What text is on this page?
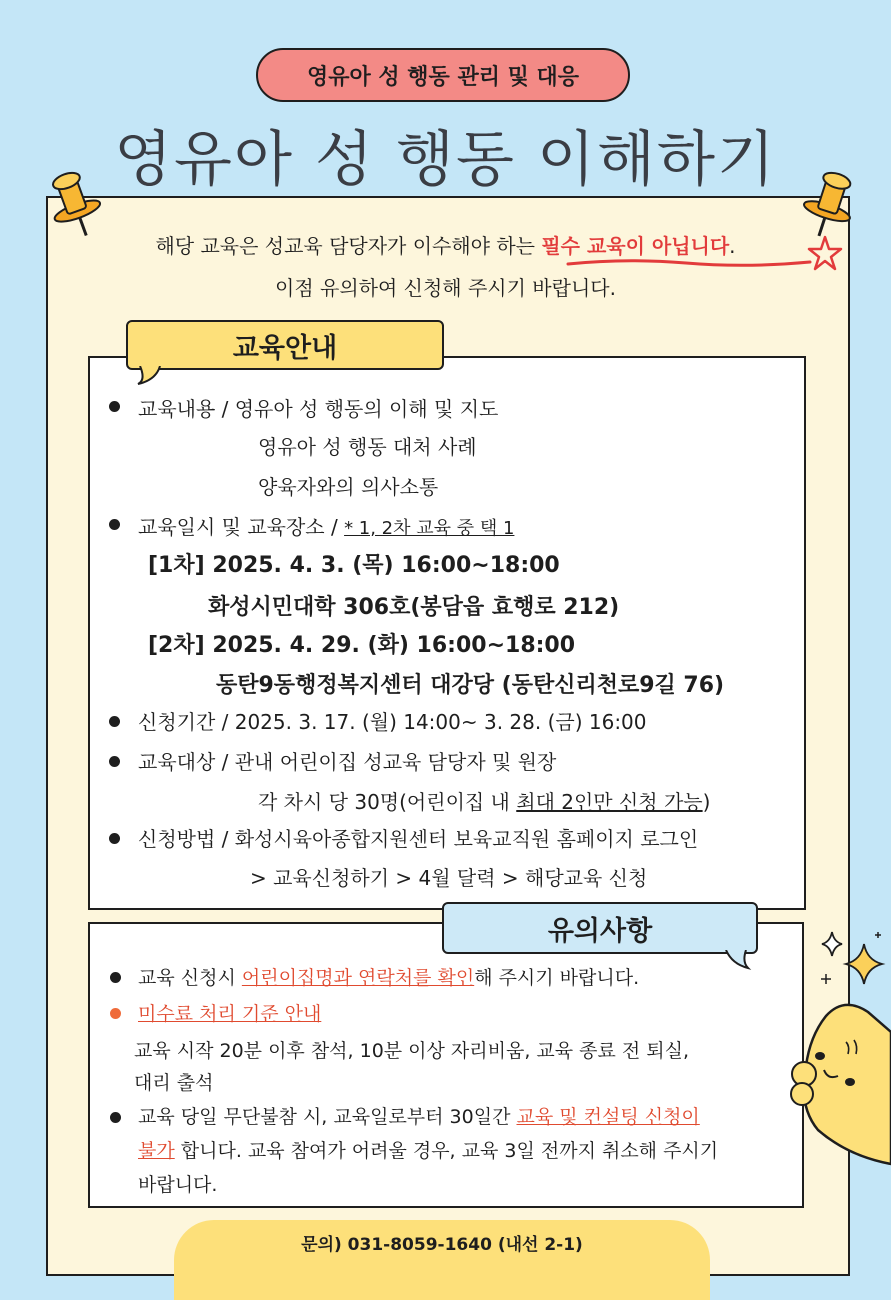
영유아 성 행동 관리 및 대응
영유아 성 행동 이해하기
해당 교육은 성교육 담당자가 이수해야 하는 필수 교육이 아닙니다.
이점 유의하여 신청해 주시기 바랍니다.
교육안내
교육내용 / 영유아 성 행동의 이해 및 지도
영유아 성 행동 대처 사례
양육자와의 의사소통
교육일시 및 교육장소 / * 1, 2차 교육 중 택 1
[1차] 2025. 4. 3. (목) 16:00~18:00
화성시민대학 306호(봉담읍 효행로 212)
[2차] 2025. 4. 29. (화) 16:00~18:00
동탄9동행정복지센터 대강당 (동탄신리천로9길 76)
신청기간 / 2025. 3. 17. (월) 14:00~ 3. 28. (금) 16:00
교육대상 / 관내 어린이집 성교육 담당자 및 원장
각 차시 당 30명(어린이집 내 최대 2인만 신청 가능)
신청방법 / 화성시육아종합지원센터 보육교직원 홈페이지 로그인
> 교육신청하기 > 4월 달력 > 해당교육 신청
유의사항
교육 신청시 어린이집명과 연락처를 확인해 주시기 바랍니다.
미수료 처리 기준 안내
교육 시작 20분 이후 참석, 10분 이상 자리비움, 교육 종료 전 퇴실,
대리 출석
교육 당일 무단불참 시, 교육일로부터 30일간 교육 및 컨설팅 신청이
불가 합니다. 교육 참여가 어려울 경우, 교육 3일 전까지 취소해 주시기
바랍니다.
문의) 031-8059-1640 (내선 2-1)
